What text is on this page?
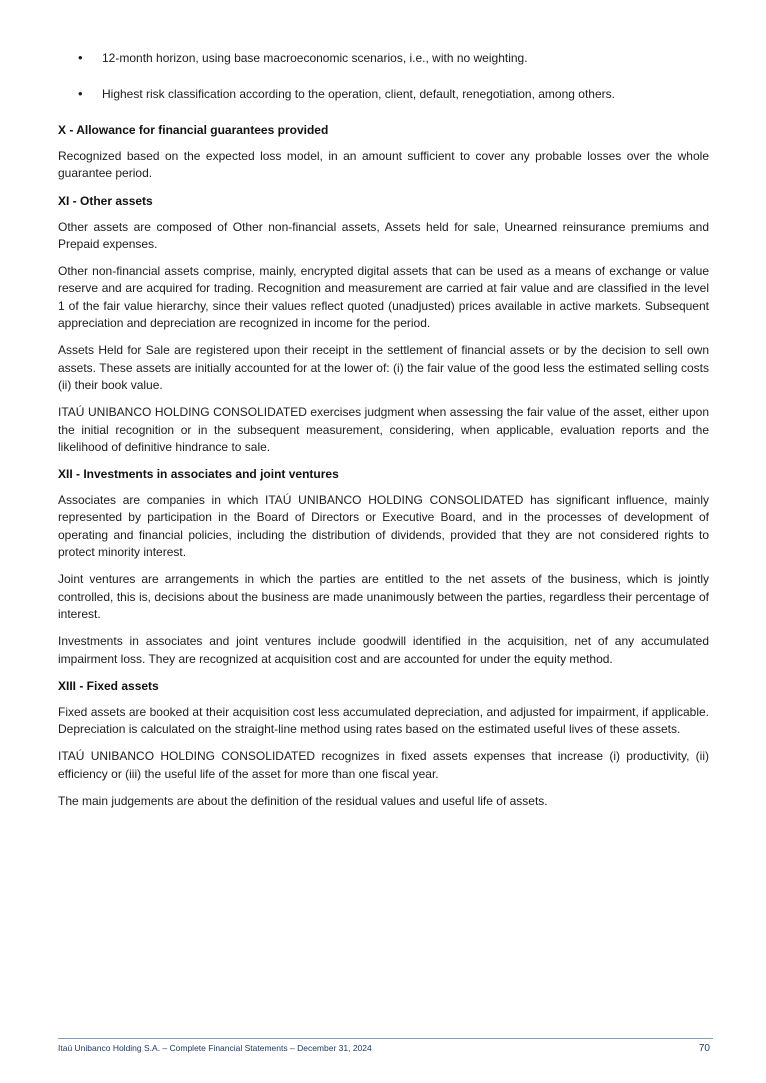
• 12-month horizon, using base macroeconomic scenarios, i.e., with no weighting.
• Highest risk classification according to the operation, client, default, renegotiation, among others.
X - Allowance for financial guarantees provided

Recognized based on the expected loss model, in an amount sufficient to cover any probable losses over the whole guarantee period.

XI - Other assets

Other assets are composed of Other non-financial assets, Assets held for sale, Unearned reinsurance premiums and Prepaid expenses.

Other non-financial assets comprise, mainly, encrypted digital assets that can be used as a means of exchange or value reserve and are acquired for trading. Recognition and measurement are carried at fair value and are classified in the level 1 of the fair value hierarchy, since their values reflect quoted (unadjusted) prices available in active markets. Subsequent appreciation and depreciation are recognized in income for the period.

Assets Held for Sale are registered upon their receipt in the settlement of financial assets or by the decision to sell own assets. These assets are initially accounted for at the lower of: (i) the fair value of the good less the estimated selling costs (ii) their book value.

ITAÚ UNIBANCO HOLDING CONSOLIDATED exercises judgment when assessing the fair value of the asset, either upon the initial recognition or in the subsequent measurement, considering, when applicable, evaluation reports and the likelihood of definitive hindrance to sale.

XII - Investments in associates and joint ventures

Associates are companies in which ITAÚ UNIBANCO HOLDING CONSOLIDATED has significant influence, mainly represented by participation in the Board of Directors or Executive Board, and in the processes of development of operating and financial policies, including the distribution of dividends, provided that they are not considered rights to protect minority interest.

Joint ventures are arrangements in which the parties are entitled to the net assets of the business, which is jointly controlled, this is, decisions about the business are made unanimously between the parties, regardless their percentage of interest.

Investments in associates and joint ventures include goodwill identified in the acquisition, net of any accumulated impairment loss. They are recognized at acquisition cost and are accounted for under the equity method.

XIII - Fixed assets

Fixed assets are booked at their acquisition cost less accumulated depreciation, and adjusted for impairment, if applicable. Depreciation is calculated on the straight-line method using rates based on the estimated useful lives of these assets.

ITAÚ UNIBANCO HOLDING CONSOLIDATED recognizes in fixed assets expenses that increase (i) productivity, (ii) efficiency or (iii) the useful life of the asset for more than one fiscal year.

The main judgements are about the definition of the residual values and useful life of assets.

Itaú Unibanco Holding S.A. – Complete Financial Statements – December 31, 2024	70
